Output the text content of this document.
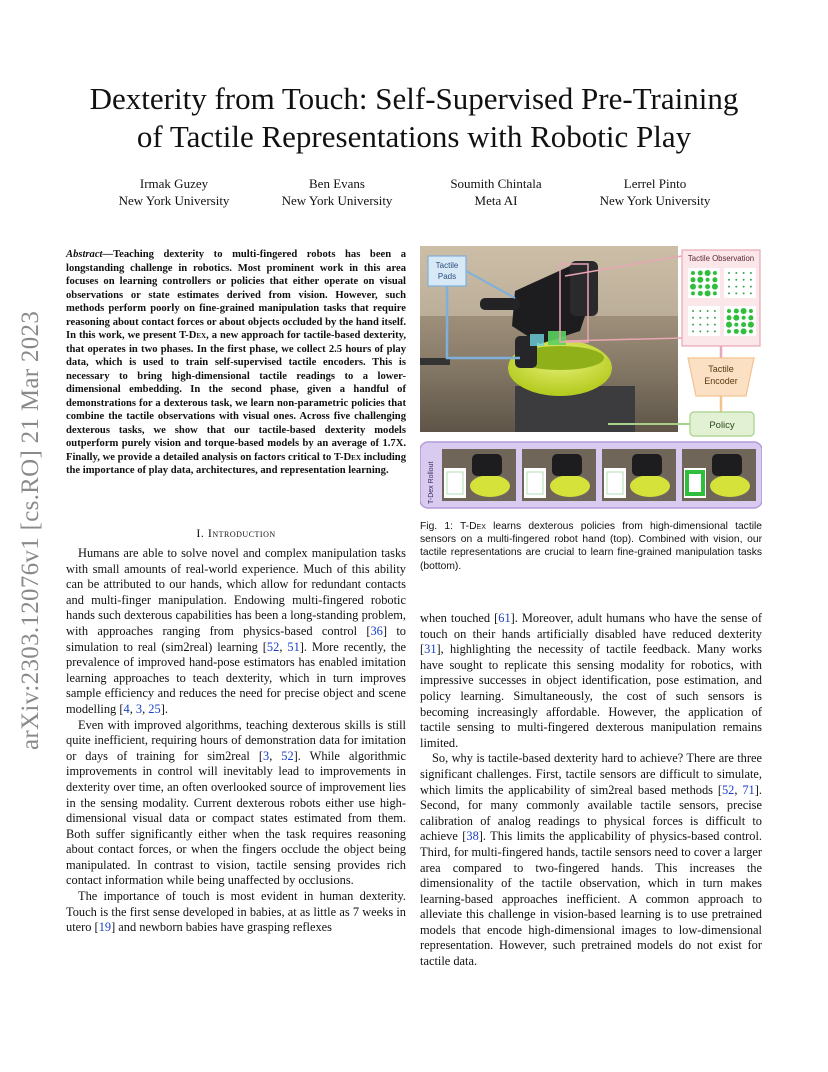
arXiv:2303.12076v1 [cs.RO] 21 Mar 2023
Dexterity from Touch: Self-Supervised Pre-Training
of Tactile Representations with Robotic Play
Irmak Guzey
New York University
Ben Evans
New York University
Soumith Chintala
Meta AI
Lerrel Pinto
New York University
Abstract—Teaching dexterity to multi-fingered robots has been a longstanding challenge in robotics. Most prominent work in this area focuses on learning controllers or policies that either operate on visual observations or state estimates derived from vision. However, such methods perform poorly on fine-grained manipulation tasks that require reasoning about contact forces or about objects occluded by the hand itself. In this work, we present T-Dex, a new approach for tactile-based dexterity, that operates in two phases. In the first phase, we collect 2.5 hours of play data, which is used to train self-supervised tactile encoders. This is necessary to bring high-dimensional tactile readings to a lower-dimensional embedding. In the second phase, given a handful of demonstrations for a dexterous task, we learn non-parametric policies that combine the tactile observations with visual ones. Across five challenging dexterous tasks, we show that our tactile-based dexterity models outperform purely vision and torque-based models by an average of 1.7X. Finally, we provide a detailed analysis on factors critical to T-Dex including the importance of play data, architectures, and representation learning.
I. Introduction

Humans are able to solve novel and complex manipulation tasks with small amounts of real-world experience. Much of this ability can be attributed to our hands, which allow for redundant contacts and multi-finger manipulation. Endowing multi-fingered robotic hands such dexterous capabilities has been a long-standing problem, with approaches ranging from physics-based control [36] to simulation to real (sim2real) learning [52, 51]. More recently, the prevalence of improved hand-pose estimators has enabled imitation learning approaches to teach dexterity, which in turn improves sample efficiency and reduces the need for precise object and scene modelling [4, 3, 25].

Even with improved algorithms, teaching dexterous skills is still quite inefficient, requiring hours of demonstration data for imitation or days of training for sim2real [3, 52]. While algorithmic improvements in control will inevitably lead to improvements in dexterity over time, an often overlooked source of improvement lies in the sensing modality. Current dexterous robots either use high-dimensional visual data or compact states estimated from them. Both suffer significantly either when the task requires reasoning about contact forces, or when the fingers occlude the object being manipulated. In contrast to vision, tactile sensing provides rich contact information while being unaffected by occlusions.

The importance of touch is most evident in human dexterity. Touch is the first sense developed in babies, at as little as 7 weeks in utero [19] and newborn babies have grasping reflexes

Tactile
Pads
Tactile Observation
Tactile
Encoder
Policy
T-Dex Rollout
Fig. 1: T-Dex learns dexterous policies from high-dimensional tactile sensors on a multi-fingered robot hand (top). Combined with vision, our tactile representations are crucial to learn fine-grained manipulation tasks (bottom).

when touched [61]. Moreover, adult humans who have the sense of touch on their hands artificially disabled have reduced dexterity [31], highlighting the necessity of tactile feedback. Many works have sought to replicate this sensing modality for robotics, with impressive successes in object identification, pose estimation, and policy learning. Simultaneously, the cost of such sensors is becoming increasingly affordable. However, the application of tactile sensing to multi-fingered dexterous manipulation remains limited.

So, why is tactile-based dexterity hard to achieve? There are three significant challenges. First, tactile sensors are difficult to simulate, which limits the applicability of sim2real based methods [52, 71]. Second, for many commonly available tactile sensors, precise calibration of analog readings to physical forces is difficult to achieve [38]. This limits the applicability of physics-based control. Third, for multi-fingered hands, tactile sensors need to cover a larger area compared to two-fingered hands. This increases the dimensionality of the tactile observation, which in turn makes learning-based approaches inefficient. A common approach to alleviate this challenge in vision-based learning is to use pretrained models that encode high-dimensional images to low-dimensional representation. However, such pretrained models do not exist for tactile data.
